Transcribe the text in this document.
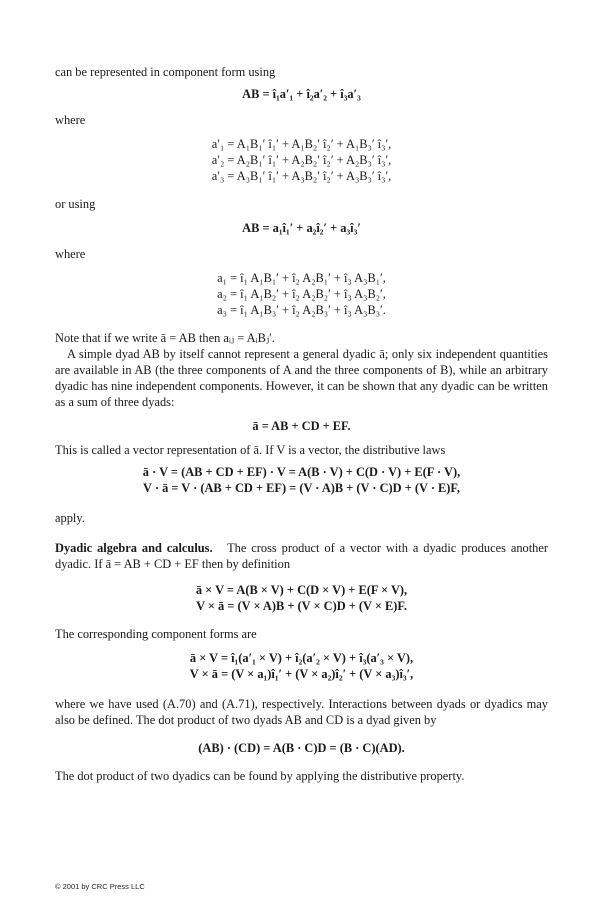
can be represented in component form using

AB = î₁a′₁ + î₂a′₂ + î₃a′₃

where

a′₁ = A₁B₁′ î₁′ + A₁B₂′ î₂′ + A₁B₃′ î₃′,
a′₂ = A₂B₁′ î₁′ + A₂B₂′ î₂′ + A₂B₃′ î₃′,
a′₃ = A₃B₁′ î₁′ + A₃B₂′ î₂′ + A₃B₃′ î₃′,

or using

AB = a₁î₁′ + a₂î₂′ + a₃î₃′

where

a₁ = î₁ A₁B₁′ + î₂ A₂B₁′ + î₃ A₃B₁′,
a₂ = î₁ A₁B₂′ + î₂ A₂B₂′ + î₃ A₃B₂′,
a₃ = î₁ A₁B₃′ + î₂ A₂B₃′ + î₃ A₃B₃′.

Note that if we write ā = AB then aᵢⱼ = AᵢBⱼ′.

A simple dyad AB by itself cannot represent a general dyadic ā; only six independent quantities are available in AB (the three components of A and the three components of B), while an arbitrary dyadic has nine independent components. However, it can be shown that any dyadic can be written as a sum of three dyads:

ā = AB + CD + EF.

This is called a vector representation of ā. If V is a vector, the distributive laws

ā · V = (AB + CD + EF) · V = A(B · V) + C(D · V) + E(F · V),
V · ā = V · (AB + CD + EF) = (V · A)B + (V · C)D + (V · E)F,

apply.

Dyadic algebra and calculus. The cross product of a vector with a dyadic produces another dyadic. If ā = AB + CD + EF then by definition

ā × V = A(B × V) + C(D × V) + E(F × V),
V × ā = (V × A)B + (V × C)D + (V × E)F.

The corresponding component forms are

ā × V = î₁(a′₁ × V) + î₂(a′₂ × V) + î₃(a′₃ × V),
V × ā = (V × a₁)î₁′ + (V × a₂)î₂′ + (V × a₃)î₃′,

where we have used (A.70) and (A.71), respectively. Interactions between dyads or dyadics may also be defined. The dot product of two dyads AB and CD is a dyad given by

(AB) · (CD) = A(B · C)D = (B · C)(AD).

The dot product of two dyadics can be found by applying the distributive property.

© 2001 by CRC Press LLC
